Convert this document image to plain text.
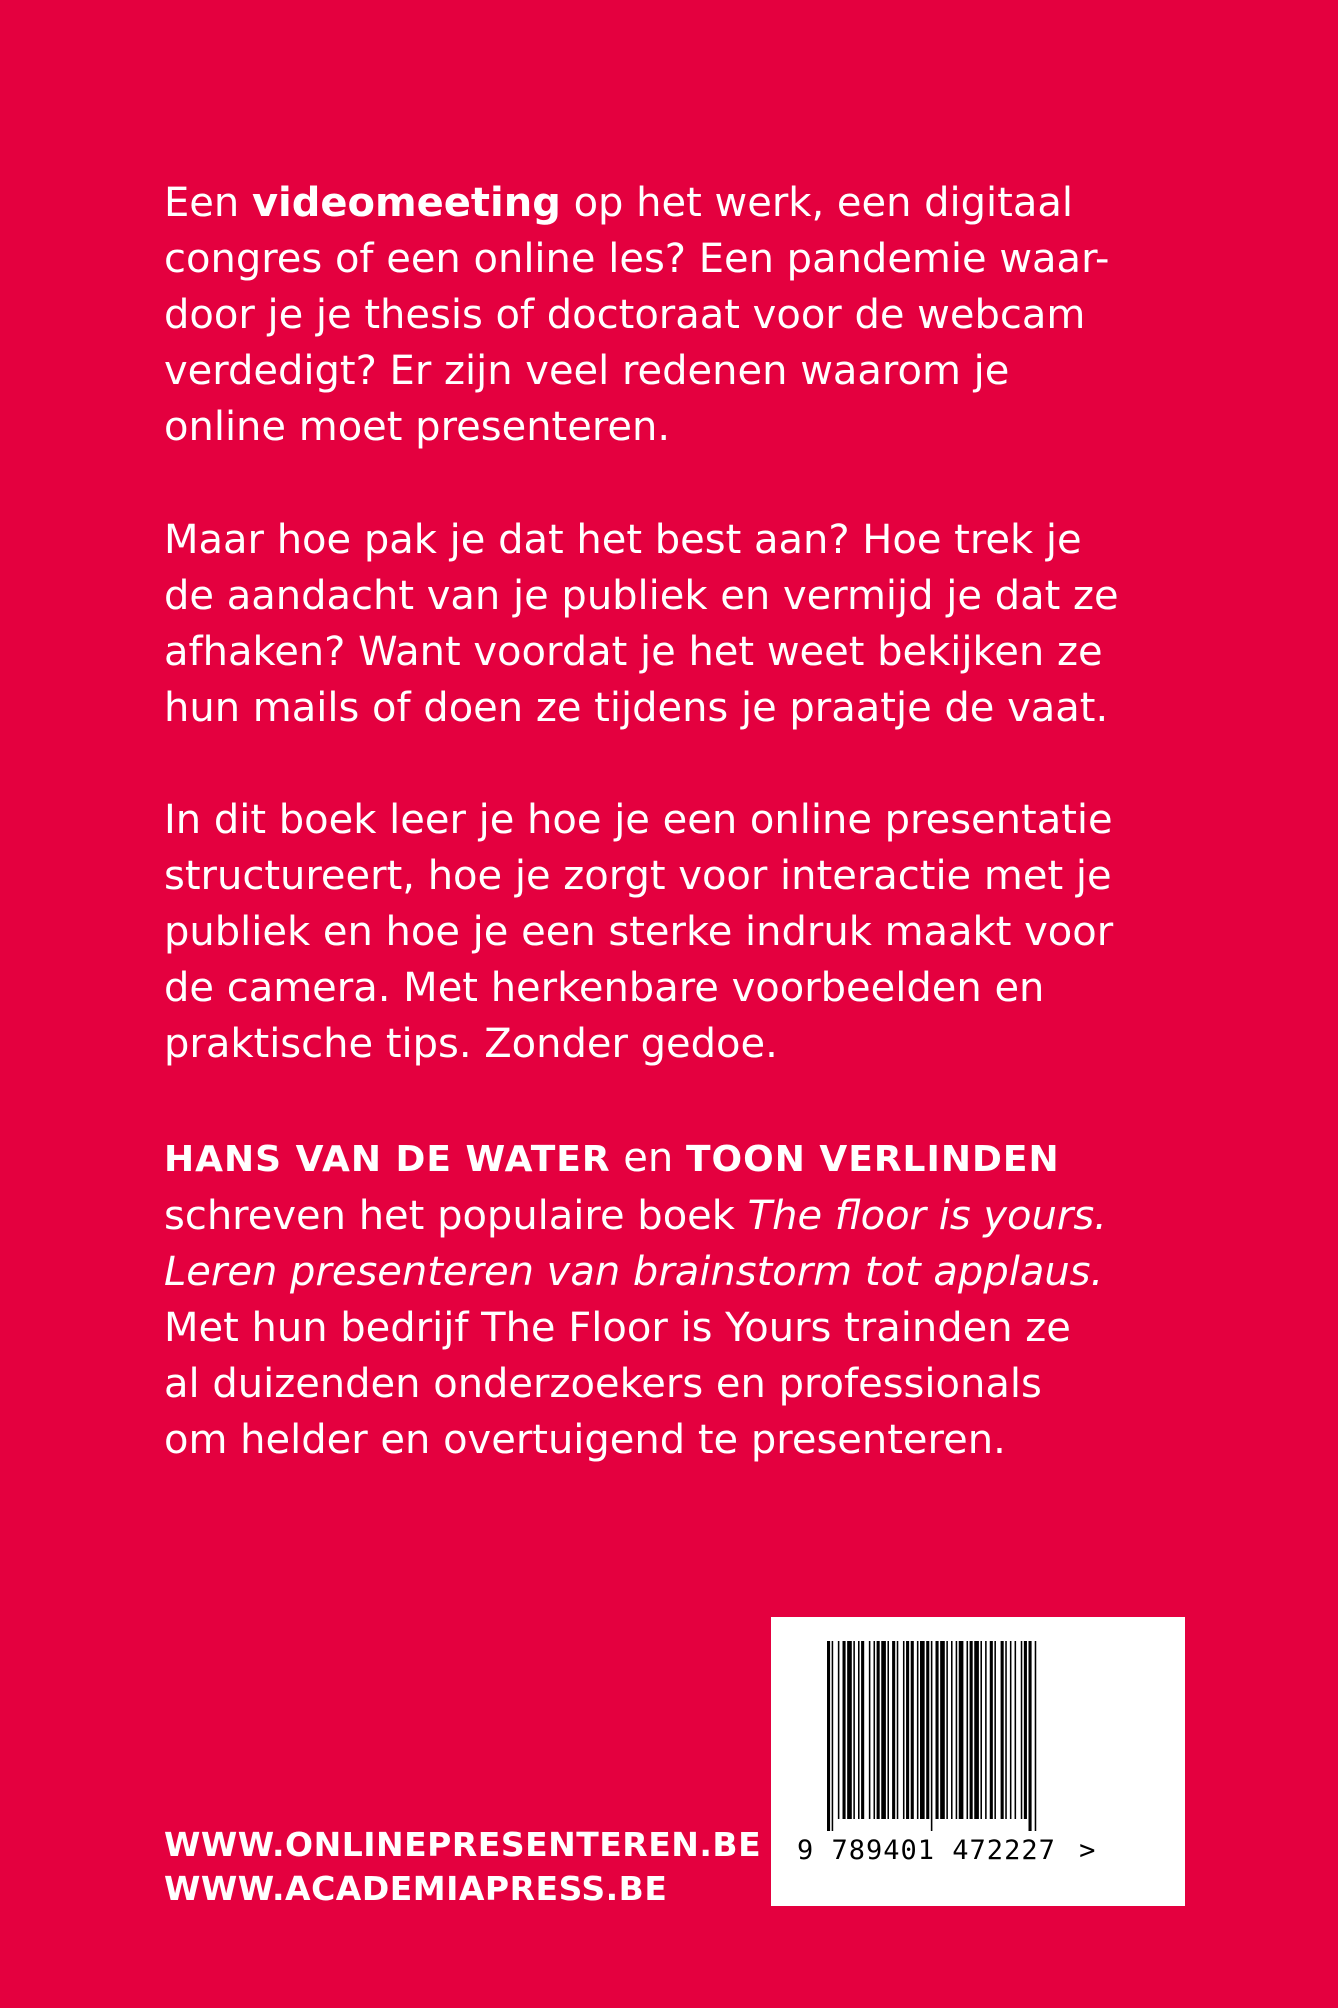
Een videomeeting op het werk, een digitaal

congres of een online les? Een pandemie waar-

door je je thesis of doctoraat voor de webcam

verdedigt? Er zijn veel redenen waarom je

online moet presenteren.

Maar hoe pak je dat het best aan? Hoe trek je

de aandacht van je publiek en vermijd je dat ze

afhaken? Want voordat je het weet bekijken ze

hun mails of doen ze tijdens je praatje de vaat.

In dit boek leer je hoe je een online presentatie

structureert, hoe je zorgt voor interactie met je

publiek en hoe je een sterke indruk maakt voor

de camera. Met herkenbare voorbeelden en

praktische tips. Zonder gedoe.

HANS VAN DE WATER en TOON VERLINDEN

schreven het populaire boek The floor is yours.

Leren presenteren van brainstorm tot applaus.

Met hun bedrijf The Floor is Yours trainden ze

al duizenden onderzoekers en professionals

om helder en overtuigend te presenteren.

WWW.ONLINEPRESENTEREN.BE
WWW.ACADEMIAPRESS.BE
9 789401 472227 >
